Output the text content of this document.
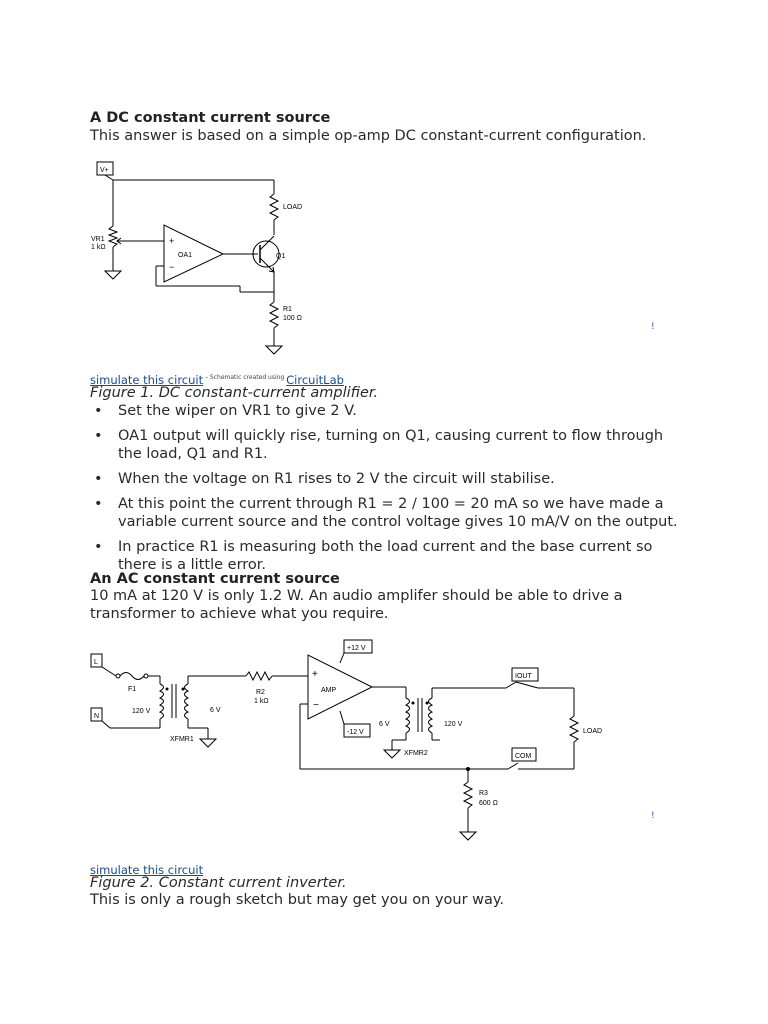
A DC constant current source
This answer is based on a simple op-amp DC constant-current configuration.
V+
LOAD
VR1
1 kΩ
+
−
OA1	Q1
R1
100 Ω
!
simulate this circuit $^{- Schematic created using}$ CircuitLab
Figure 1. DC constant-current amplifier.
• Set the wiper on VR1 to give 2 V.
• OA1 output will quickly rise, turning on Q1, causing current to flow through
the load, Q1 and R1.
• When the voltage on R1 rises to 2 V the circuit will stabilise.
• At this point the current through R1 = 2 / 100 = 20 mA so we have made a
variable current source and the control voltage gives 10 mA/V on the output.
• In practice R1 is measuring both the load current and the base current so
there is a little error.
An AC constant current source
10 mA at 120 V is only 1.2 W. An audio amplifer should be able to drive a
transformer to achieve what you require.
L
F1
N
120 V	6 V
XFMR1
R2
1 kΩ
+
−
AMP
+12 V
-12 V
6 V	120 V
XFMR2
IOUT
LOAD
COM
R3
600 Ω
!
simulate this circuit
Figure 2. Constant current inverter.
This is only a rough sketch but may get you on your way.
